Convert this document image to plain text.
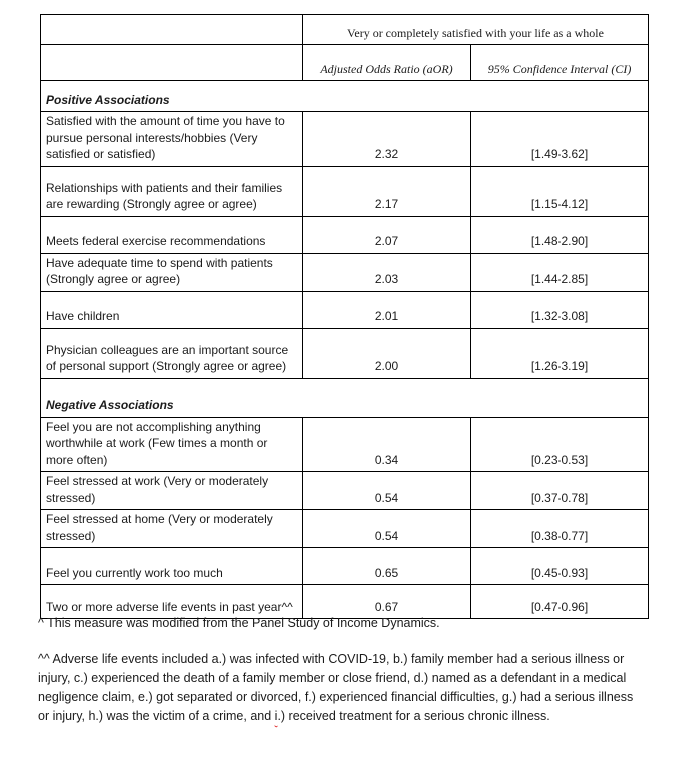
	Very or completely satisfied with your life as a whole	
	Adjusted Odds Ratio (aOR)	95% Confidence Interval (CI)
Positive Associations		
Satisfied with the amount of time you have to pursue personal interests/hobbies (Very satisfied or satisfied)	2.32	[1.49-3.62]
Relationships with patients and their families are rewarding (Strongly agree or agree)	2.17	[1.15-4.12]
Meets federal exercise recommendations	2.07	[1.48-2.90]
Have adequate time to spend with patients (Strongly agree or agree)	2.03	[1.44-2.85]
Have children	2.01	[1.32-3.08]
Physician colleagues are an important source of personal support (Strongly agree or agree)	2.00	[1.26-3.19]
Negative Associations		
Feel you are not accomplishing anything worthwhile at work (Few times a month or more often)	0.34	[0.23-0.53]
Feel stressed at work (Very or moderately stressed)	0.54	[0.37-0.78]
Feel stressed at home (Very or moderately stressed)	0.54	[0.38-0.77]
Feel you currently work too much	0.65	[0.45-0.93]
Two or more adverse life events in past year^^	0.67	[0.47-0.96]
^ This measure was modified from the Panel Study of Income Dynamics.
^^ Adverse life events included a.) was infected with COVID-19, b.) family member had a serious illness or injury, c.) experienced the death of a family member or close friend, d.) named as a defendant in a medical negligence claim, e.) got separated or divorced, f.) experienced financial difficulties, g.) had a serious illness or injury, h.) was the victim of a crime, and i.) received treatment for a serious chronic illness.
